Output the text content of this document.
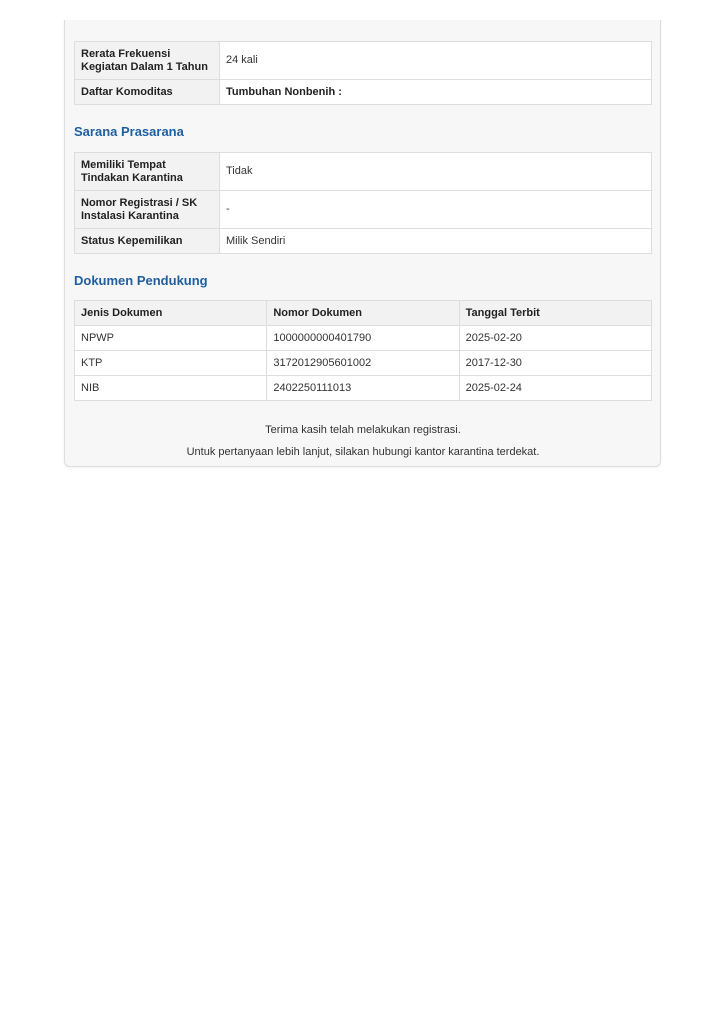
Rerata Frekuensi Kegiatan Dalam 1 Tahun	24 kali
Daftar Komoditas	Tumbuhan Nonbenih :
Sarana Prasarana
Memiliki Tempat Tindakan Karantina	Tidak
Nomor Registrasi / SK Instalasi Karantina	-
Status Kepemilikan	Milik Sendiri
Dokumen Pendukung
Jenis Dokumen	Nomor Dokumen	Tanggal Terbit
NPWP	1000000000401790	2025-02-20
KTP	3172012905601002	2017-12-30
NIB	2402250111013	2025-02-24
Terima kasih telah melakukan registrasi.
Untuk pertanyaan lebih lanjut, silakan hubungi kantor karantina terdekat.
